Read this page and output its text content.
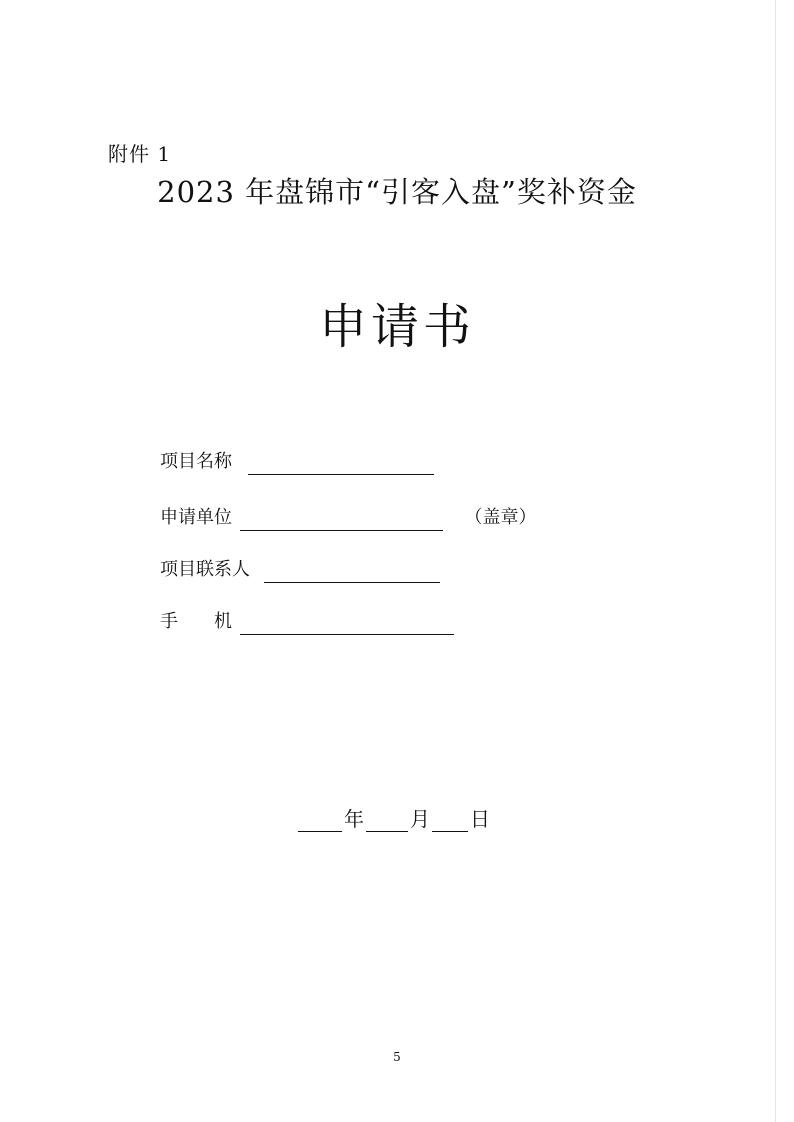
附件 1
2023 年盘锦市“引客入盘”奖补资金
申请书
项目名称
申请单位	（盖章）
项目联系人
手　　机
年 月 日
5
